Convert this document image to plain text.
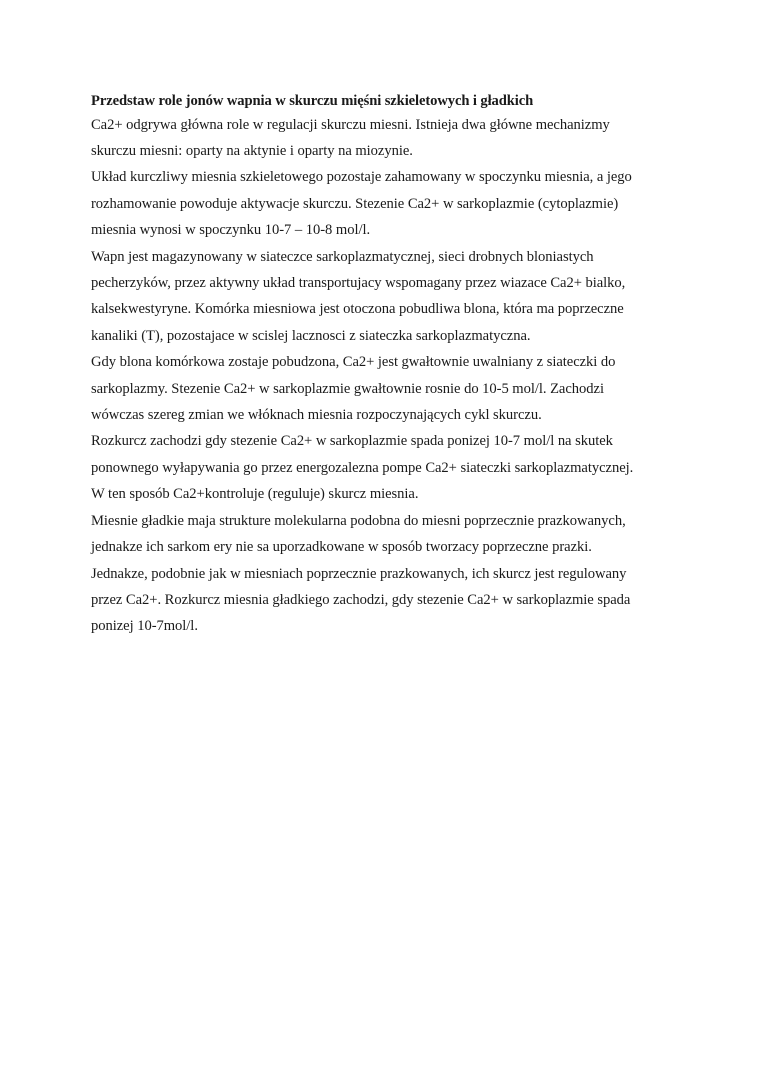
Przedstaw role jonów wapnia w skurczu mięśni szkieletowych i gładkich

Ca2+ odgrywa główna role w regulacji skurczu miesni. Istnieja dwa główne mechanizmy

skurczu miesni: oparty na aktynie i oparty na miozynie.

Układ kurczliwy miesnia szkieletowego pozostaje zahamowany w spoczynku miesnia, a jego

rozhamowanie powoduje aktywacje skurczu. Stezenie Ca2+ w sarkoplazmie (cytoplazmie)

miesnia wynosi w spoczynku 10-7 – 10-8 mol/l.

Wapn jest magazynowany w siateczce sarkoplazmatycznej, sieci drobnych bloniastych

pecherzyków, przez aktywny układ transportujacy wspomagany przez wiazace Ca2+ bialko,

kalsekwestyryne. Komórka miesniowa jest otoczona pobudliwa blona, która ma poprzeczne

kanaliki (T), pozostajace w scislej lacznosci z siateczka sarkoplazmatyczna.

Gdy blona komórkowa zostaje pobudzona, Ca2+ jest gwałtownie uwalniany z siateczki do

sarkoplazmy. Stezenie Ca2+ w sarkoplazmie gwałtownie rosnie do 10-5 mol/l. Zachodzi

wówczas szereg zmian we włóknach miesnia rozpoczynających cykl skurczu.

Rozkurcz zachodzi gdy stezenie Ca2+ w sarkoplazmie spada ponizej 10-7 mol/l na skutek

ponownego wyłapywania go przez energozalezna pompe Ca2+ siateczki sarkoplazmatycznej.

W ten sposób Ca2+kontroluje (reguluje) skurcz miesnia.

Miesnie gładkie maja strukture molekularna podobna do miesni poprzecznie prazkowanych,

jednakze ich sarkom ery nie sa uporzadkowane w sposób tworzacy poprzeczne prazki.

Jednakze, podobnie jak w miesniach poprzecznie prazkowanych, ich skurcz jest regulowany

przez Ca2+. Rozkurcz miesnia gładkiego zachodzi, gdy stezenie Ca2+ w sarkoplazmie spada

ponizej 10-7mol/l.
